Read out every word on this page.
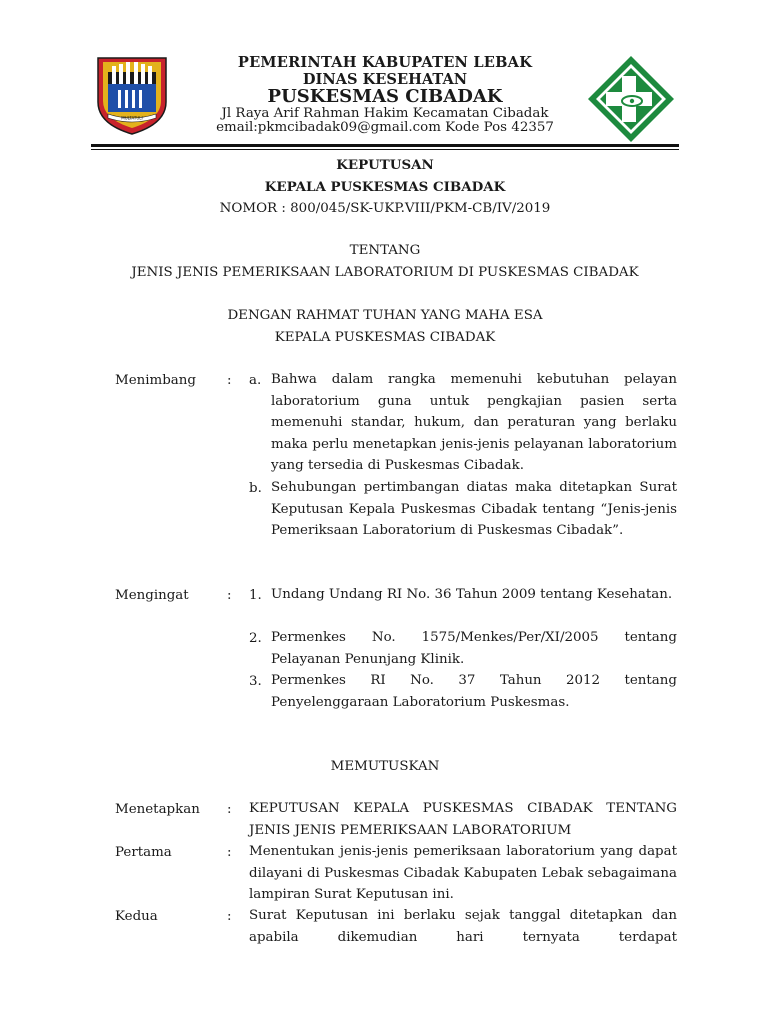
MULTATULI
PEMERINTAH KABUPATEN LEBAK
DINAS KESEHATAN
PUSKESMAS CIBADAK
Jl Raya Arif Rahman Hakim Kecamatan Cibadak
email:pkmcibadak09@gmail.com Kode Pos 42357
KEPUTUSAN
KEPALA PUSKESMAS CIBADAK
NOMOR : 800/045/SK-UKP.VIII/PKM-CB/IV/2019
TENTANG
JENIS JENIS PEMERIKSAAN LABORATORIUM DI PUSKESMAS CIBADAK
DENGAN RAHMAT TUHAN YANG MAHA ESA
KEPALA PUSKESMAS CIBADAK
Menimbang : a. Bahwa dalam rangka memenuhi kebutuhan pelayan laboratorium guna untuk pengkajian pasien serta memenuhi standar, hukum, dan peraturan yang berlaku maka perlu menetapkan jenis-jenis pelayanan laboratorium yang tersedia di Puskesmas Cibadak.
b. Sehubungan pertimbangan diatas maka ditetapkan Surat Keputusan Kepala Puskesmas Cibadak tentang “Jenis-jenis Pemeriksaan Laboratorium di Puskesmas Cibadak”.
Mengingat	: 1. Undang Undang RI No. 36 Tahun 2009 tentang Kesehatan.
2. Permenkes No. 1575/Menkes/Per/XI/2005 tentang Pelayanan Penunjang Klinik.
3. Permenkes RI No. 37 Tahun 2012 tentang Penyelenggaraan Laboratorium Puskesmas.
MEMUTUSKAN
Menetapkan : KEPUTUSAN KEPALA PUSKESMAS CIBADAK TENTANG JENIS JENIS PEMERIKSAAN LABORATORIUM
Pertama	: Menentukan jenis-jenis pemeriksaan laboratorium yang dapat dilayani di Puskesmas Cibadak Kabupaten Lebak sebagaimana lampiran Surat Keputusan ini.
Kedua	: Surat Keputusan ini berlaku sejak tanggal ditetapkan dan apabila dikemudian hari ternyata terdapat
